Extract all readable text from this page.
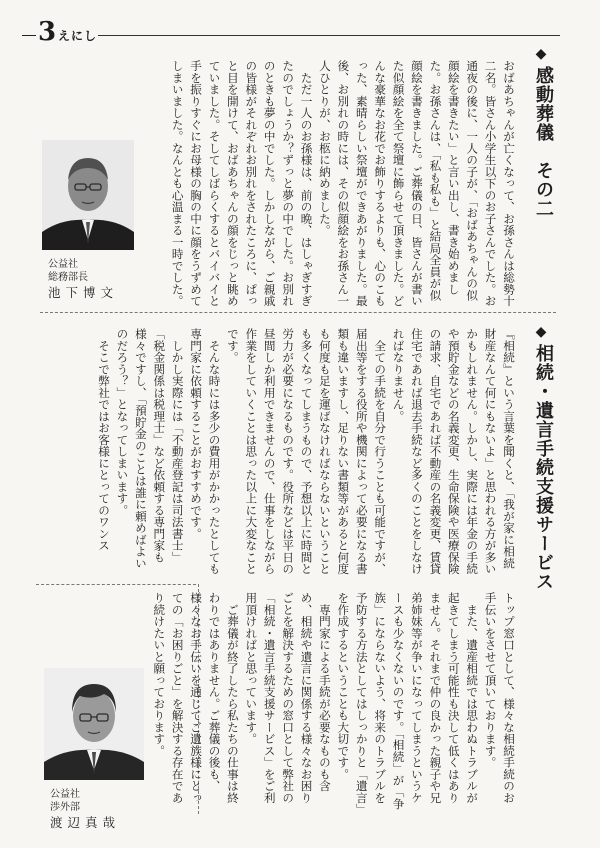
3 えにし
◆
感動葬儀　その二
おばあちゃんが亡くなって、お孫さんは総勢十二名。皆さん小学生以下のお子さんでした。お通夜の後に、一人の子が、「おばあちゃんの似顔絵を書きたい」と言い出し、書き始めました。お孫さんは、「私も私も」と結局全員が似顔絵を書きました。ご葬儀の日、皆さんが書いた似顔絵を全て祭壇に飾らせて頂きました。どんな豪華なお花でお飾りするよりも、心のこもった、素晴らしい祭壇ができあがりました。最後、お別れの時には、その似顔絵をお孫さん一人ひとりが、お柩に納めました。
　ただ一人のお孫様は、前の晩、はしゃぎすぎたのでしょうか？ずっと夢の中でした。お別れのときも夢の中でした。しかしながら、ご親戚の皆様がそれぞれお別れをされたころに、ぱっと目を開けて、おばあちゃんの顔をじっと眺めていました。そしてしばらくするとバイバイと手を振りすぐにお母様の胸の中に顔をうずめてしまいました。なんとも心温まる一時でした。
公益社
総務部長
池下博文
◆
相続・遺言手続支援サービス
『相続』という言葉を聞くと、「我が家に相続財産なんて何にもないよ」と思われる方が多いかもしれません。しかし、実際には年金の手続や預貯金などの名義変更、生命保険や医療保険の請求、自宅であれば不動産の名義変更、賃貸住宅であれば退去手続など多くのことをしなければなりません。
　全ての手続を自分で行うことも可能ですが、届出等をする役所や機関によって必要になる書類も違いますし、足りない書類等があると何度も何度も足を運ばなければならないということも多くなってしまうもので、予想以上に時間と労力が必要になるものです。役所などは平日の昼間しか利用できませんので、仕事をしながら作業をしていくことは思った以上に大変なことです。
　そんな時には多少の費用がかかったとしても専門家に依頼することがおすすめです。
　しかし実際には「不動産登記は司法書士」「税金関係は税理士」など依頼する専門家も様々ですし、「預貯金のことは誰に頼めばよいのだろう？」となってしまいます。
　そこで弊社ではお客様にとってのワンス
トップ窓口として、様々な相続手続のお手伝いをさせて頂いております。
　また、遺産相続では思わぬトラブルが起きてしまう可能性も決して低くはありません。それまで仲の良かった親子や兄弟姉妹等が争いになってしまうというケースも少なくないのです。「相続」が「争族」にならないよう、将来のトラブルを予防する方法としてはしっかりと「遺言」を作成するということも大切です。
　専門家による手続が必要なものも含め、相続や遺言に関係する様々なお困りごとを解決するための窓口として弊社の「相続・遺言手続支援サービス」をご利用頂ければと思っています。
　ご葬儀が終了したら私たちの仕事は終わりではありません。ご葬儀の後も、様々なお手伝いを通じてご遺族様にとっての「お困りごと」を解決する存在であり続けたいと願っております。
公益社
渉外部
渡辺真哉
